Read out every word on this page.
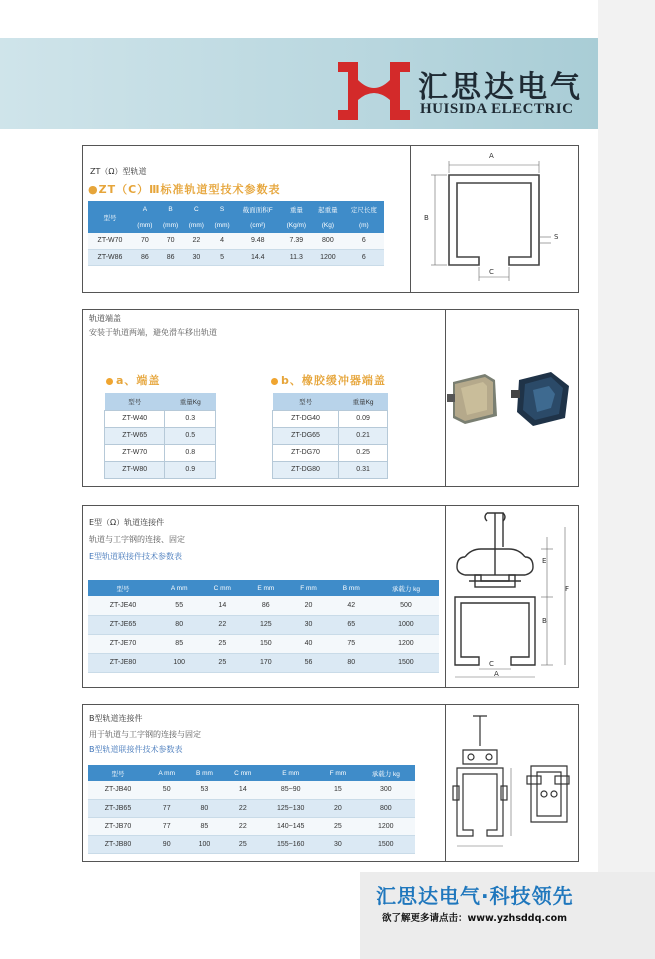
汇思达电气
HUISIDA ELECTRIC
ZT（Ω）型轨道
●ZT（C）Ⅲ标准轨道型技术参数表
型号	A	B	C	S	截面面积F	重量	起重量	定尺长度
	(mm)	(mm)	(mm)	(mm)	(cm²)	(Kg/m)	(Kg)	(m)
ZT-W70	70	70	22	4	9.48	7.39	800	6
ZT-W86	86	86	30	5	14.4	11.3	1200	6
A
B
S
C
轨道端盖
安装于轨道两端，避免滑车移出轨道
a、端盖	b、橡胶缓冲器端盖
型号	重量Kg
ZT-W40	0.3
ZT-W65	0.5
ZT-W70	0.8
ZT-W80	0.9
型号	重量Kg
ZT-DG40	0.09
ZT-DG65	0.21
ZT-DG70	0.25
ZT-DG80	0.31
E型（Ω）轨道连接件
轨道与工字钢的连接、固定
E型轨道联接件技术参数表
型号	A mm	C mm	E mm	F mm	B mm	承载力 kg
ZT-JE40	55	14	86	20	42	500
ZT-JE65	80	22	125	30	65	1000
ZT-JE70	85	25	150	40	75	1200
ZT-JE80	100	25	170	56	80	1500
E
B
F
C
A
B型轨道连接件
用于轨道与工字钢的连接与固定
B型轨道联接件技术参数表
型号	A mm	B mm	C mm	E mm	F mm	承载力 kg
ZT-JB40	50	53	14	85~90	15	300
ZT-JB65	77	80	22	125~130	20	800
ZT-JB70	77	85	22	140~145	25	1200
ZT-JB80	90	100	25	155~160	30	1500
汇思达电气·科技领先
欲了解更多请点击：www.yzhsddq.com
